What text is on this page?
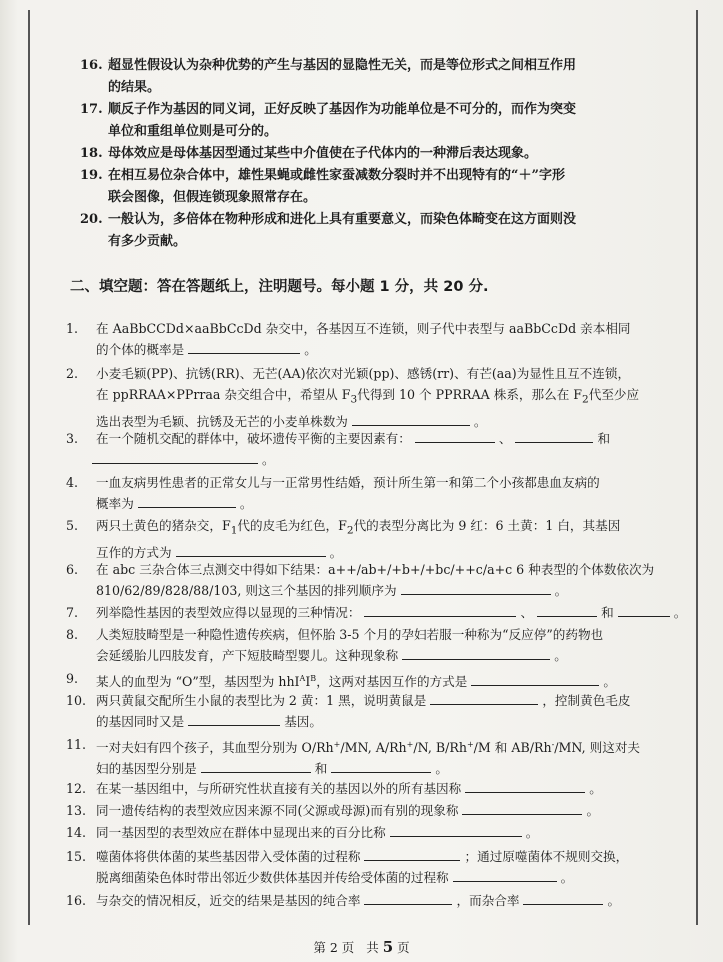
16. 超显性假设认为杂种优势的产生与基因的显隐性无关，而是等位形式之间相互作用
的结果。
17. 顺反子作为基因的同义词，正好反映了基因作为功能单位是不可分的，而作为突变
单位和重组单位则是可分的。
18. 母体效应是母体基因型通过某些中介值使在子代体内的一种滞后表达现象。
19. 在相互易位杂合体中，雄性果蝇或雌性家蚕减数分裂时并不出现特有的“＋”字形
联会图像，但假连锁现象照常存在。
20. 一般认为，多倍体在物种形成和进化上具有重要意义，而染色体畸变在这方面则没
有多少贡献。
二、填空题：答在答题纸上，注明题号。每小题 1 分，共 20 分.
1. 在 AaBbCCDd×aaBbCcDd 杂交中，各基因互不连锁，则子代中表型与 aaBbCcDd 亲本相同
的个体的概率是	。
2. 小麦毛颖(PP)、抗锈(RR)、无芒(AA)依次对光颖(pp)、感锈(rr)、有芒(aa)为显性且互不连锁，
在 ppRRAA×PPrraa 杂交组合中，希望从 $F_3$代得到 10 个 PPRRAA 株系，那么在 $F_2$代至少应
选出表型为毛颖、抗锈及无芒的小麦单株数为	。
3. 在一个随机交配的群体中，破坏遗传平衡的主要因素有：	、	和
。
4. 一血友病男性患者的正常女儿与一正常男性结婚，预计所生第一和第二个小孩都患血友病的
概率为	。
5. 两只土黄色的猪杂交，$F_1$代的皮毛为红色，$F_2$代的表型分离比为 9 红：6 土黄：1 白，其基因
互作的方式为	。
6. 在 abc 三杂合体三点测交中得如下结果：a++/ab+/+b+/+bc/++c/a+c 6 种表型的个体数依次为
810/62/89/828/88/103, 则这三个基因的排列顺序为	。
7. 列举隐性基因的表型效应得以显现的三种情况：	、	和	。
8. 人类短肢畸型是一种隐性遗传疾病，但怀胎 3-5 个月的孕妇若服一种称为“反应停”的药物也
会延缓胎儿四肢发育，产下短肢畸型婴儿。这种现象称	。
9. 某人的血型为 “O”型，基因型为 $hhI^AI^B$，这两对基因互作的方式是	。
10. 两只黄鼠交配所生小鼠的表型比为 2 黄：1 黑，说明黄鼠是	，控制黄色毛皮
的基因同时又是	基因。
11. 一对夫妇有四个孩子，其血型分别为 O/Rh+/MN, A/Rh+/N, B/Rh+/M 和 AB/Rh-/MN, 则这对夫
妇的基因型分别是	和	。
12. 在某一基因组中，与所研究性状直接有关的基因以外的所有基因称	。
13. 同一遗传结构的表型效应因来源不同(父源或母源)而有别的现象称	。
14. 同一基因型的表型效应在群体中显现出来的百分比称	。
15. 噬菌体将供体菌的某些基因带入受体菌的过程称	；通过原噬菌体不规则交换，
脱离细菌染色体时带出邻近少数供体基因并传给受体菌的过程称	。
16. 与杂交的情况相反，近交的结果是基因的纯合率	，而杂合率	。
第 2 页 共 5 页
